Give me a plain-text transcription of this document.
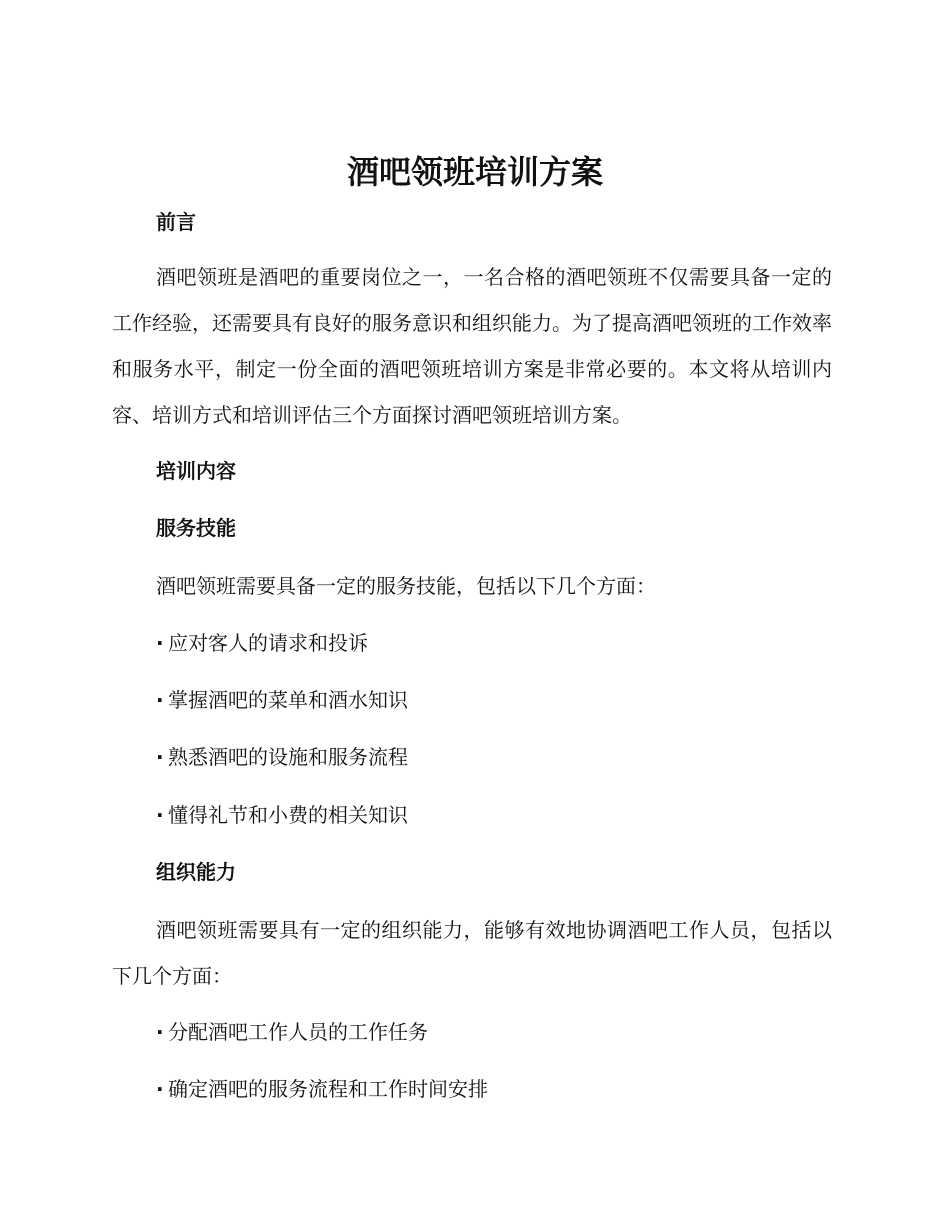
酒吧领班培训方案
前言

酒吧领班是酒吧的重要岗位之一，一名合格的酒吧领班不仅需要具备一定的工作经验，还需要具有良好的服务意识和组织能力。为了提高酒吧领班的工作效率和服务水平，制定一份全面的酒吧领班培训方案是非常必要的。本文将从培训内容、培训方式和培训评估三个方面探讨酒吧领班培训方案。

培训内容
服务技能

酒吧领班需要具备一定的服务技能，包括以下几个方面：

· 应对客人的请求和投诉

· 掌握酒吧的菜单和酒水知识

· 熟悉酒吧的设施和服务流程

· 懂得礼节和小费的相关知识

组织能力

酒吧领班需要具有一定的组织能力，能够有效地协调酒吧工作人员，包括以下几个方面：

· 分配酒吧工作人员的工作任务

· 确定酒吧的服务流程和工作时间安排
